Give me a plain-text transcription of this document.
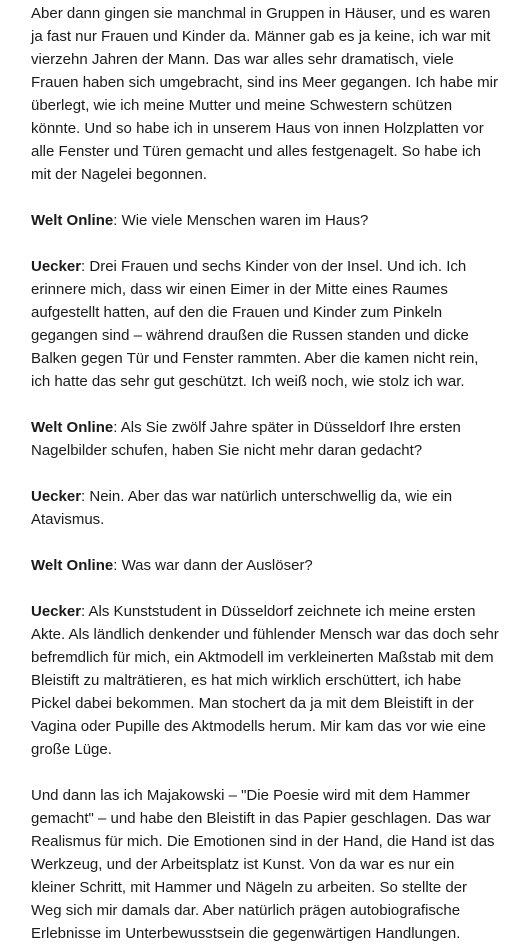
Aber dann gingen sie manchmal in Gruppen in Häuser, und es waren ja fast nur Frauen und Kinder da. Männer gab es ja keine, ich war mit vierzehn Jahren der Mann. Das war alles sehr dramatisch, viele Frauen haben sich umgebracht, sind ins Meer gegangen. Ich habe mir überlegt, wie ich meine Mutter und meine Schwestern schützen könnte. Und so habe ich in unserem Haus von innen Holzplatten vor alle Fenster und Türen gemacht und alles festgenagelt. So habe ich mit der Nagelei begonnen.

Welt Online: Wie viele Menschen waren im Haus?

Uecker: Drei Frauen und sechs Kinder von der Insel. Und ich. Ich erinnere mich, dass wir einen Eimer in der Mitte eines Raumes aufgestellt hatten, auf den die Frauen und Kinder zum Pinkeln gegangen sind – während draußen die Russen standen und dicke Balken gegen Tür und Fenster rammten. Aber die kamen nicht rein, ich hatte das sehr gut geschützt. Ich weiß noch, wie stolz ich war.

Welt Online: Als Sie zwölf Jahre später in Düsseldorf Ihre ersten Nagelbilder schufen, haben Sie nicht mehr daran gedacht?

Uecker: Nein. Aber das war natürlich unterschwellig da, wie ein Atavismus.

Welt Online: Was war dann der Auslöser?

Uecker: Als Kunststudent in Düsseldorf zeichnete ich meine ersten Akte. Als ländlich denkender und fühlender Mensch war das doch sehr befremdlich für mich, ein Aktmodell im verkleinerten Maßstab mit dem Bleistift zu malträtieren, es hat mich wirklich erschüttert, ich habe Pickel dabei bekommen. Man stochert da ja mit dem Bleistift in der Vagina oder Pupille des Aktmodells herum. Mir kam das vor wie eine große Lüge.

Und dann las ich Majakowski – "Die Poesie wird mit dem Hammer gemacht" – und habe den Bleistift in das Papier geschlagen. Das war Realismus für mich. Die Emotionen sind in der Hand, die Hand ist das Werkzeug, und der Arbeitsplatz ist Kunst. Von da war es nur ein kleiner Schritt, mit Hammer und Nägeln zu arbeiten. So stellte der Weg sich mir damals dar. Aber natürlich prägen autobiografische Erlebnisse im Unterbewusstsein die gegenwärtigen Handlungen.
